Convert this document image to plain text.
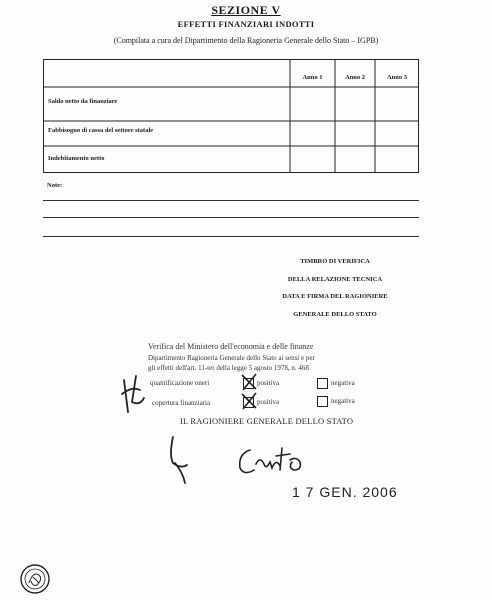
SEZIONE V
EFFETTI FINANZIARI INDOTTI
(Compilata a cura del Dipartimento della Ragioneria Generale dello Stato – IGPB)
Anno 1	Anno 2	Anno 3
Saldo netto da finanziare
Fabbisogno di cassa del settore statale
Indebitamento netto
Note:
TIMBRO DI VERIFICA
DELLA RELAZIONE TECNICA
DATA E FIRMA DEL RAGIONIERE
GENERALE DELLO STATO
Verifica del Ministero dell'economia e delle finanze
Dipartimento Ragioneria Generale dello Stato ai sensi e per
gli effetti dell'art. 11-ter della legge 5 agosto 1978, n. 468
quantificazione oneri	positiva	negativa
copertura finanziaria	positiva	negativa
IL RAGIONIERE GENERALE DELLO STATO
1 7 GEN. 2006
